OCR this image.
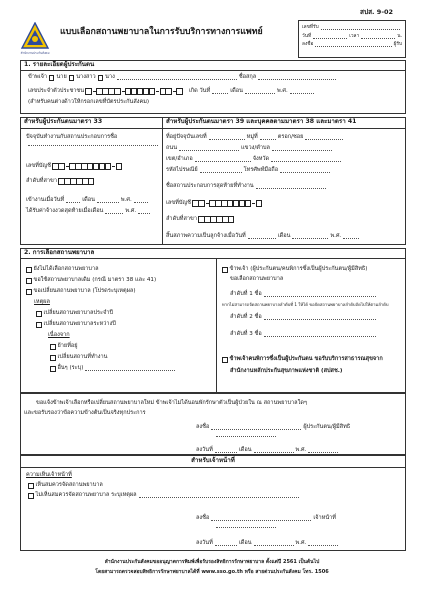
สปส. 9-02
สำนักงานประกันสังคม
แบบเลือกสถานพยาบาลในการรับบริการทางการแพทย์	เลขที่รับ
วันที่	เวลา	น.
ลงชื่อ	ผู้รับ
1. รายละเอียดผู้ประกันตน
ข้าพเจ้า นาย นางสาว นาง	ชื่อสกุล
เลขประจำตัวประชาชน	เกิด วันที่	เดือน	พ.ศ.
(สำหรับคนต่างด้าวให้กรอกเลขที่บัตรประกันสังคม)
สำหรับผู้ประกันตนมาตรา 33	สำหรับผู้ประกันตนมาตรา 39 และบุคคลตามมาตรา 38 และมาตรา 41
ปัจจุบันทำงานกับสถานประกอบการชื่อ
เลขที่บัญชี
ลำดับที่สาขา
เข้างานเมื่อวันที่	เดือน	พ.ศ.
ได้รับค่าจ้างงวดสุดท้ายเมื่อเดือน	พ.ศ.
ที่อยู่ปัจจุบันเลขที่	หมู่ที่	ตรอก/ซอย
ถนน	แขวง/ตำบล
เขต/อำเภอ	จังหวัด
รหัสไปรษณีย์	โทรศัพท์มือถือ
ชื่อสถานประกอบการสุดท้ายที่ทำงาน
เลขที่บัญชี
ลำดับที่สาขา
สิ้นสภาพความเป็นลูกจ้างเมื่อวันที่	เดือน	พ.ศ.
2. การเลือกสถานพยาบาล
ยังไม่ได้เลือกสถานพยาบาล
ขอใช้สถานพยาบาลเดิม (กรณี มาตรา 38 และ 41)
ขอเปลี่ยนสถานพยาบาล (โปรดระบุเหตุผล)
เหตุผล
เปลี่ยนสถานพยาบาลประจำปี
เปลี่ยนสถานพยาบาลระหว่างปี
เนื่องจาก
ย้ายที่อยู่
เปลี่ยนสถานที่ทำงาน
อื่นๆ (ระบุ)
ข้าพเจ้า (ผู้ประกันตน/คนพิการซึ่งเป็นผู้ประกันตน/ผู้มีสิทธิ)
ขอเลือกสถานพยาบาล
ลำดับที่ 1 ชื่อ
หากไม่สามารถจัดสถานพยาบาลลำดับที่ 1 ให้ได้ ขอจัดสถานพยาบาลลำดับถัดไปให้ตามลำดับ
ลำดับที่ 2 ชื่อ
ลำดับที่ 3 ชื่อ
ข้าพเจ้าคนพิการซึ่งเป็นผู้ประกันตน ขอรับบริการสาธารณสุขจาก
สำนักงานหลักประกันสุขภาพแห่งชาติ (สปสช.)
ขอแจ้งข้าพเจ้าเลือกหรือเปลี่ยนสถานพยาบาลใหม่ ข้าพเจ้าไม่ได้นอนพักรักษาตัวเป็นผู้ป่วยใน ณ สถานพยาบาลใดๆ
และขอรับรองว่าข้อความข้างต้นเป็นจริงทุกประการ
ลงชื่อ	ผู้ประกันตน/ผู้มีสิทธิ
ลงวันที่	เดือน	พ.ศ.
สำหรับเจ้าหน้าที่
ความเห็นเจ้าหน้าที่
เห็นสมควรจัดสถานพยาบาล
ไม่เห็นสมควรจัดสถานพยาบาล ระบุเหตุผล
ลงชื่อ	เจ้าหน้าที่
ลงวันที่	เดือน	พ.ศ.
สำนักงานประกันสังคมขออนุญาตการพิมพ์เพื่อรับรองสิทธิการรักษาพยาบาล ตั้งแต่ปี 2561 เป็นต้นไป
โดยสามารถตรวจสอบสิทธิการรักษาพยาบาลได้ที่ www.sso.go.th หรือ สายด่วนประกันสังคม โทร. 1506
